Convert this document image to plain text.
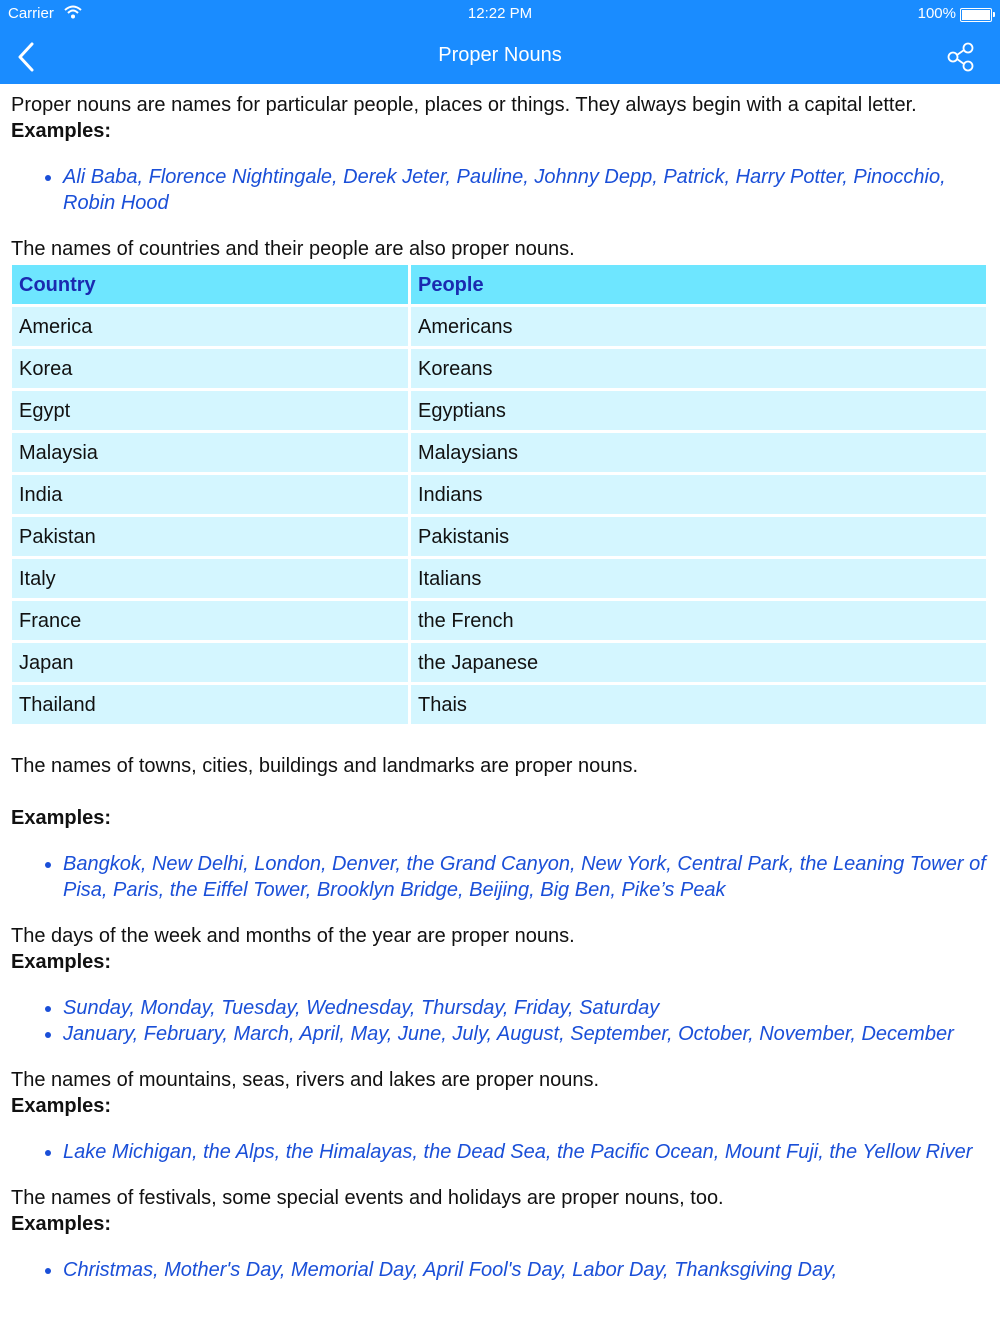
Carrier	12:22 PM	100%
Proper Nouns

Proper nouns are names for particular people, places or things. They always begin with a capital letter.

Examples:

• Ali Baba, Florence Nightingale, Derek Jeter, Pauline, Johnny Depp, Patrick, Harry Potter, Pinocchio, Robin Hood

The names of countries and their people are also proper nouns.

Country	People
America	Americans
Korea	Koreans
Egypt	Egyptians
Malaysia	Malaysians
India	Indians
Pakistan	Pakistanis
Italy	Italians
France	the French
Japan	the Japanese
Thailand	Thais

The names of towns, cities, buildings and landmarks are proper nouns.

Examples:

• Bangkok, New Delhi, London, Denver, the Grand Canyon, New York, Central Park, the Leaning Tower of Pisa, Paris, the Eiffel Tower, Brooklyn Bridge, Beijing, Big Ben, Pike’s Peak

The days of the week and months of the year are proper nouns.

Examples:

• Sunday, Monday, Tuesday, Wednesday, Thursday, Friday, Saturday
• January, February, March, April, May, June, July, August, September, October, November, December

The names of mountains, seas, rivers and lakes are proper nouns.

Examples:

• Lake Michigan, the Alps, the Himalayas, the Dead Sea, the Pacific Ocean, Mount Fuji, the Yellow River

The names of festivals, some special events and holidays are proper nouns, too.

Examples:

• Christmas, Mother's Day, Memorial Day, April Fool's Day, Labor Day, Thanksgiving Day,
